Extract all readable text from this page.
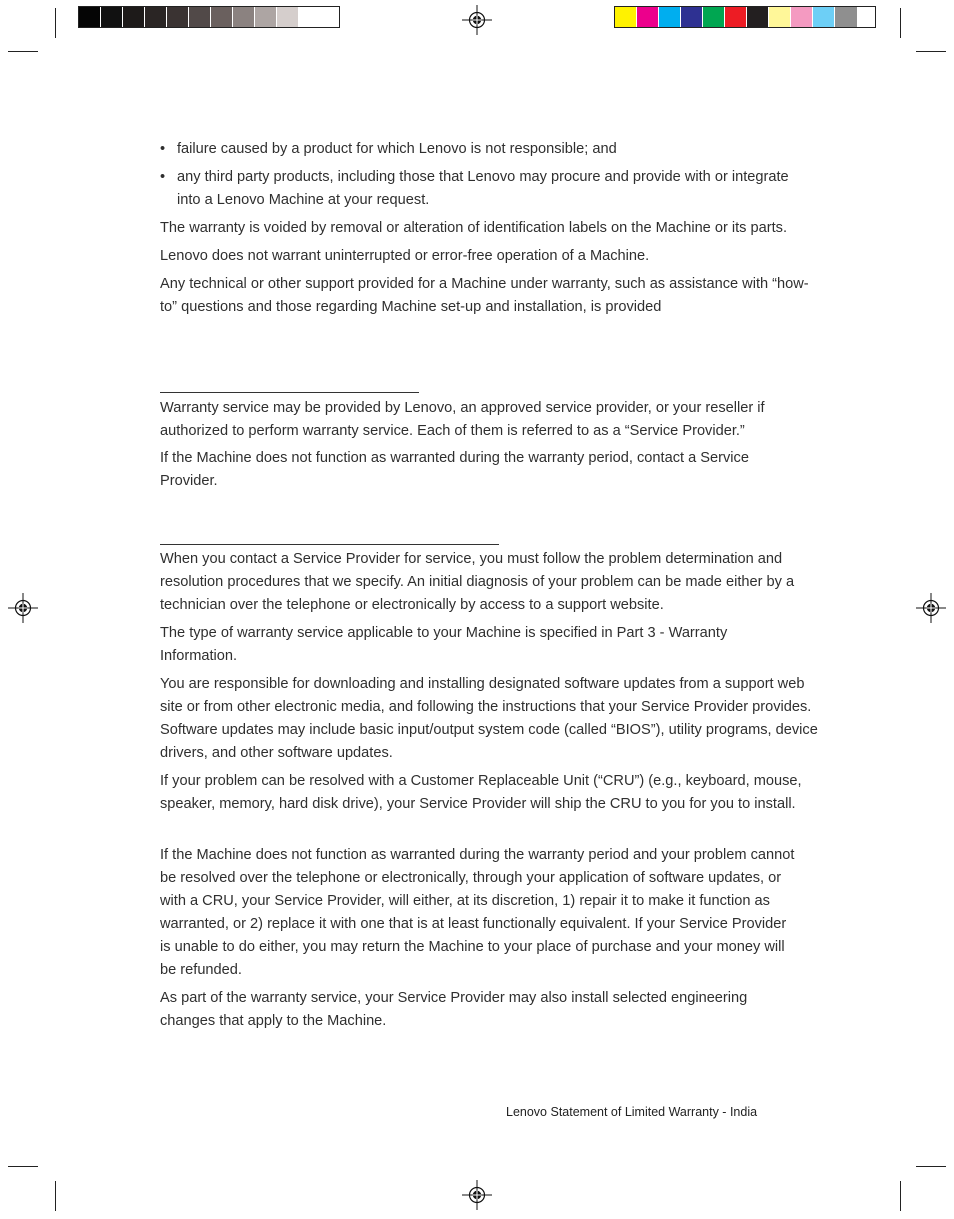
• failure caused by a product for which Lenovo is not responsible; and
• any third party products, including those that Lenovo may procure and provide with or integrate into a Lenovo Machine at your request.

The warranty is voided by removal or alteration of identification labels on the Machine or its parts.

Lenovo does not warrant uninterrupted or error-free operation of a Machine.

Any technical or other support provided for a Machine under warranty, such as assistance with “how-to” questions and those regarding Machine set-up and installation, is provided

Warranty service may be provided by Lenovo, an approved service provider, or your reseller if authorized to perform warranty service. Each of them is referred to as a “Service Provider.”

If the Machine does not function as warranted during the warranty period, contact a Service Provider.

When you contact a Service Provider for service, you must follow the problem determination and resolution procedures that we specify. An initial diagnosis of your problem can be made either by a technician over the telephone or electronically by access to a support website.

The type of warranty service applicable to your Machine is specified in Part 3 - Warranty Information.

You are responsible for downloading and installing designated software updates from a support web site or from other electronic media, and following the instructions that your Service Provider provides. Software updates may include basic input/output system code (called “BIOS”), utility programs, device drivers, and other software updates.

If your problem can be resolved with a Customer Replaceable Unit (“CRU”) (e.g., keyboard, mouse, speaker, memory, hard disk drive), your Service Provider will ship the CRU to you for you to install.

If the Machine does not function as warranted during the warranty period and your problem cannot be resolved over the telephone or electronically, through your application of software updates, or with a CRU, your Service Provider, will either, at its discretion, 1) repair it to make it function as warranted, or 2) replace it with one that is at least functionally equivalent. If your Service Provider is unable to do either, you may return the Machine to your place of purchase and your money will be refunded.

As part of the warranty service, your Service Provider may also install selected engineering changes that apply to the Machine.

Lenovo Statement of Limited Warranty - India
